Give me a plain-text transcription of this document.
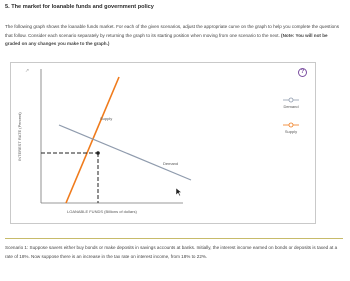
5. The market for loanable funds and government policy
The following graph shows the loanable funds market. For each of the given scenarios, adjust the appropriate curve on the graph to help you complete the questions that follow. Consider each scenario separately by returning the graph to its starting position when moving from one scenario to the next. (Note: You will not be graded on any changes you make to the graph.)
↗	?
INTEREST RATE (Percent)
LOANABLE FUNDS (Billions of dollars)
Supply
Demand
Demand
Supply
Scenario 1: Suppose savers either buy bonds or make deposits in savings accounts at banks. Initially, the interest income earned on bonds or deposits is taxed at a rate of 18%. Now suppose there is an increase in the tax rate on interest income, from 18% to 22%.
